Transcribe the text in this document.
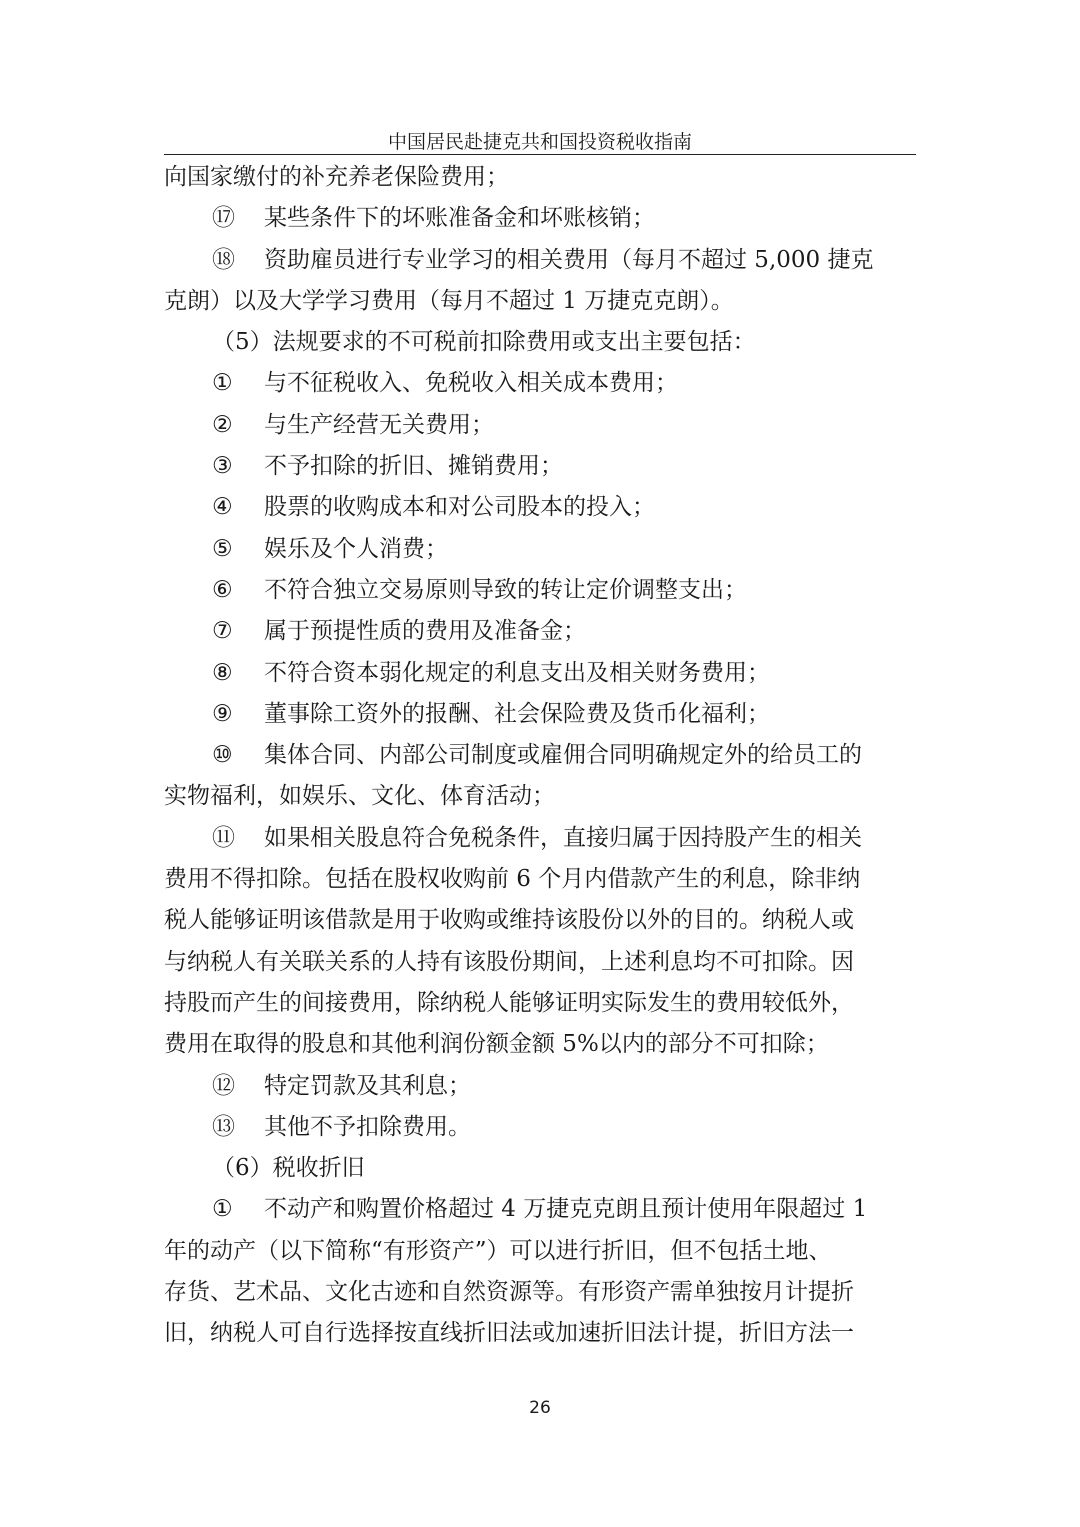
中国居民赴捷克共和国投资税收指南
向国家缴付的补充养老保险费用；
⑰ 某些条件下的坏账准备金和坏账核销；
⑱ 资助雇员进行专业学习的相关费用（每月不超过 5,000 捷克
克朗）以及大学学习费用（每月不超过 1 万捷克克朗）。
（5）法规要求的不可税前扣除费用或支出主要包括：
① 与不征税收入、免税收入相关成本费用；
② 与生产经营无关费用；
③ 不予扣除的折旧、摊销费用；
④ 股票的收购成本和对公司股本的投入；
⑤ 娱乐及个人消费；
⑥ 不符合独立交易原则导致的转让定价调整支出；
⑦ 属于预提性质的费用及准备金；
⑧ 不符合资本弱化规定的利息支出及相关财务费用；
⑨ 董事除工资外的报酬、社会保险费及货币化福利；
⑩ 集体合同、内部公司制度或雇佣合同明确规定外的给员工的
实物福利，如娱乐、文化、体育活动；
⑪ 如果相关股息符合免税条件，直接归属于因持股产生的相关
费用不得扣除。包括在股权收购前 6 个月内借款产生的利息，除非纳
税人能够证明该借款是用于收购或维持该股份以外的目的。纳税人或
与纳税人有关联关系的人持有该股份期间，上述利息均不可扣除。因
持股而产生的间接费用，除纳税人能够证明实际发生的费用较低外，
费用在取得的股息和其他利润份额金额 5%以内的部分不可扣除；
⑫ 特定罚款及其利息；
⑬ 其他不予扣除费用。
（6）税收折旧
① 不动产和购置价格超过 4 万捷克克朗且预计使用年限超过 1
年的动产（以下简称“有形资产”）可以进行折旧，但不包括土地、
存货、艺术品、文化古迹和自然资源等。有形资产需单独按月计提折
旧，纳税人可自行选择按直线折旧法或加速折旧法计提，折旧方法一
26
